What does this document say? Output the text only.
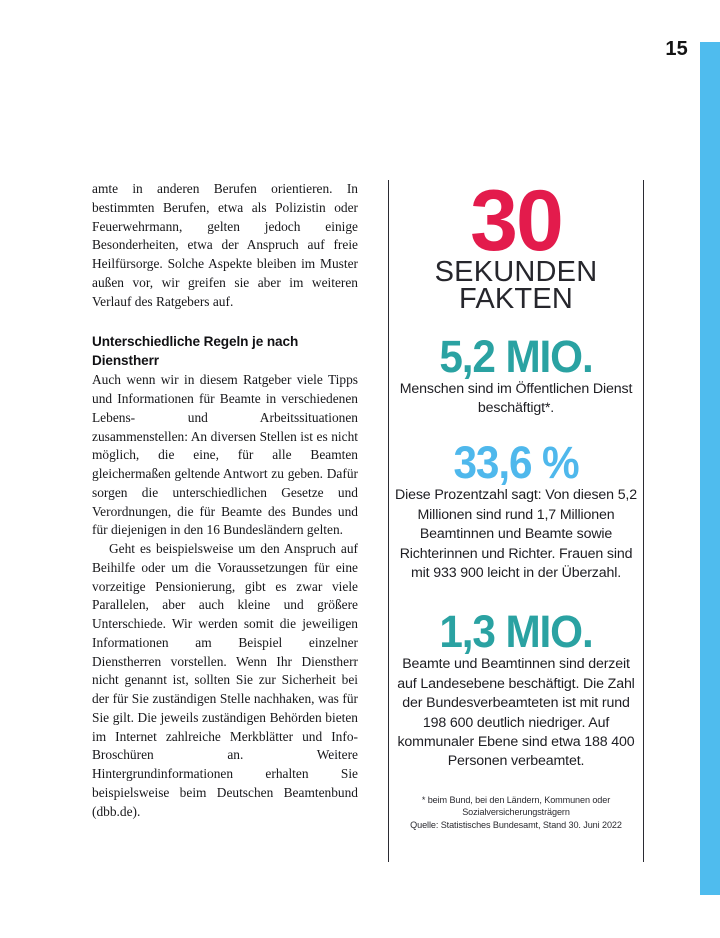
15

amte in anderen Berufen orientieren. In bestimmten Berufen, etwa als Polizistin oder Feuerwehrmann, gelten jedoch einige Besonderheiten, etwa der Anspruch auf freie Heilfürsorge. Solche Aspekte bleiben im Muster außen vor, wir greifen sie aber im weiteren Verlauf des Ratgebers auf.

Unterschiedliche Regeln je nach Dienstherr

Auch wenn wir in diesem Ratgeber viele Tipps und Informationen für Beamte in verschiedenen Lebens- und Arbeitssituationen zusammenstellen: An diversen Stellen ist es nicht möglich, die eine, für alle Beamten gleichermaßen geltende Antwort zu geben. Dafür sorgen die unterschiedlichen Gesetze und Verordnungen, die für Beamte des Bundes und für diejenigen in den 16 Bundesländern gelten.

Geht es beispielsweise um den Anspruch auf Beihilfe oder um die Voraussetzungen für eine vorzeitige Pensionierung, gibt es zwar viele Parallelen, aber auch kleine und größere Unterschiede. Wir werden somit die jeweiligen Informationen am Beispiel einzelner Dienstherren vorstellen. Wenn Ihr Dienstherr nicht genannt ist, sollten Sie zur Sicherheit bei der für Sie zuständigen Stelle nachhaken, was für Sie gilt. Die jeweils zuständigen Behörden bieten im Internet zahlreiche Merkblätter und Info-Broschüren an. Weitere Hintergrundinformationen erhalten Sie beispielsweise beim Deutschen Beamtenbund (dbb.de).

30
SEKUNDEN
FAKTEN
5,2 MIO.

Menschen sind im Öffentlichen Dienst beschäftigt*.

33,6 %

Diese Prozentzahl sagt: Von diesen 5,2 Millionen sind rund 1,7 Millionen Beamtinnen und Beamte sowie Richterinnen und Richter. Frauen sind mit 933 900 leicht in der Überzahl.

1,3 MIO.

Beamte und Beamtinnen sind derzeit auf Landesebene beschäftigt. Die Zahl der Bundesverbeamteten ist mit rund 198 600 deutlich niedriger. Auf kommunaler Ebene sind etwa 188 400 Personen verbeamtet.

* beim Bund, bei den Ländern, Kommunen oder
Sozialversicherungsträgern
Quelle: Statistisches Bundesamt, Stand 30. Juni 2022
